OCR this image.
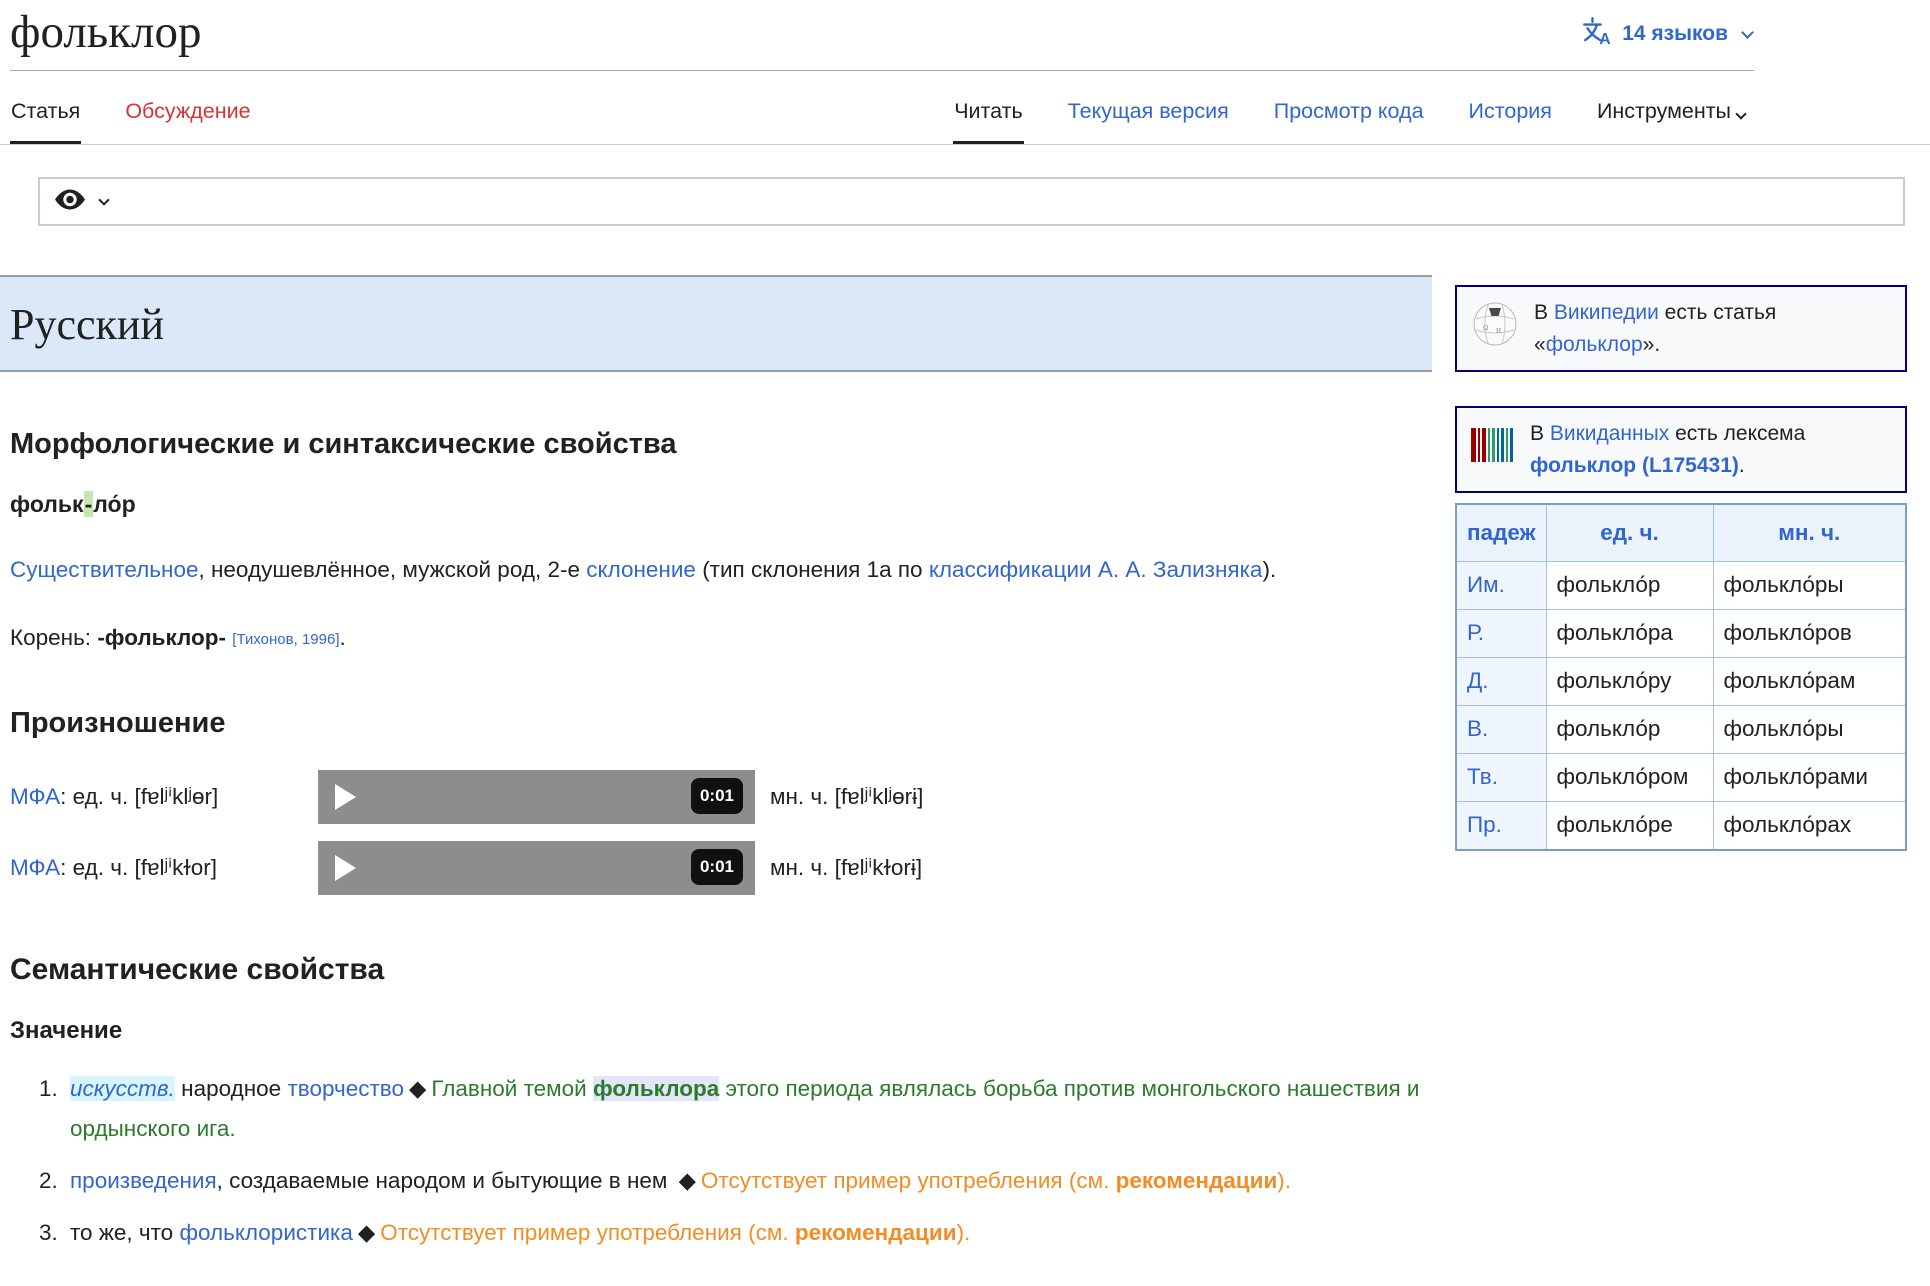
фольклор	A 14 языков
Статья Обсуждение	Читать Текущая версия Просмотр кода История Инструменты
Русский
Морфологические и синтаксические свойства

фольк-ло́р

Существительное, неодушевлённое, мужской род, 2-е склонение (тип склонения 1а по классификации А. А. Зализняка).

Корень: -фольклор- [Тихонов, 1996].

Произношение
МФА: ед. ч. [fɐlʲⁱklʲɵr]	0:01	мн. ч. [fɐlʲⁱklʲɵrɨ]
МФА: ед. ч. [fɐlʲⁱkɫor]	0:01	мн. ч. [fɐlʲⁱkɫorɨ]
Семантические свойства
Значение
1. искусств. народное творчество ◆ Главной темой фольклора этого периода являлась борьба против монгольского нашествия и ордынского ига.
2. произведения, создаваемые народом и бытующие в нем ◆ Отсутствует пример употребления (см. рекомендации).
3. то же, что фольклористика ◆ Отсутствует пример употребления (см. рекомендации).
Ω И
В Википедии есть статья
«фольклор».
В Викиданных есть лексема
фольклор (L175431).
падеж	ед. ч.	мн. ч.
Им.	фолькло́р	фолькло́ры
Р.	фолькло́ра	фолькло́ров
Д.	фолькло́ру	фолькло́рам
В.	фолькло́р	фолькло́ры
Тв.	фолькло́ром	фолькло́рами
Пр.	фолькло́ре	фолькло́рах
